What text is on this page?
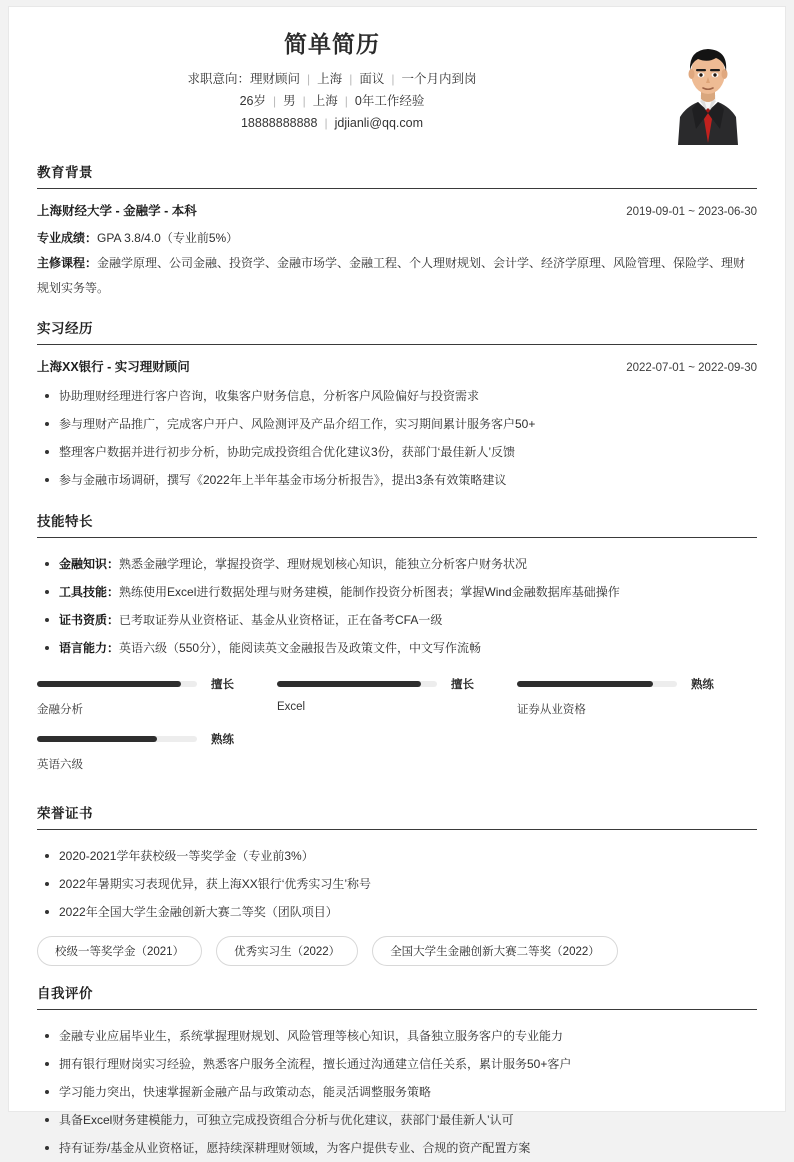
简单简历
求职意向：理财顾问 | 上海 | 面议 | 一个月内到岗
26岁 | 男 | 上海 | 0年工作经验
18888888888 | jdjianli@qq.com
教育背景
上海财经大学 - 金融学 - 本科	2019-09-01 ~ 2023-06-30
专业成绩：GPA 3.8/4.0（专业前5%）
主修课程：金融学原理、公司金融、投资学、金融市场学、金融工程、个人理财规划、会计学、经济学原理、风险管理、保险学、理财规划实务等。
实习经历
上海XX银行 - 实习理财顾问	2022-07-01 ~ 2022-09-30
协助理财经理进行客户咨询，收集客户财务信息，分析客户风险偏好与投资需求
参与理财产品推广，完成客户开户、风险测评及产品介绍工作，实习期间累计服务客户50+
整理客户数据并进行初步分析，协助完成投资组合优化建议3份，获部门‘最佳新人’反馈
参与金融市场调研，撰写《2022年上半年基金市场分析报告》，提出3条有效策略建议
技能特长
金融知识：熟悉金融学理论，掌握投资学、理财规划核心知识，能独立分析客户财务状况
工具技能：熟练使用Excel进行数据处理与财务建模，能制作投资分析图表；掌握Wind金融数据库基础操作
证书资质：已考取证券从业资格证、基金从业资格证，正在备考CFA一级
语言能力：英语六级（550分），能阅读英文金融报告及政策文件，中文写作流畅
擅长
金融分析
擅长
Excel
熟练
证券从业资格
熟练
英语六级
荣誉证书
2020-2021学年获校级一等奖学金（专业前3%）
2022年暑期实习表现优异，获上海XX银行‘优秀实习生’称号
2022年全国大学生金融创新大赛二等奖（团队项目）
校级一等奖学金（2021）	优秀实习生（2022）	全国大学生金融创新大赛二等奖（2022）
自我评价
金融专业应届毕业生，系统掌握理财规划、风险管理等核心知识，具备独立服务客户的专业能力
拥有银行理财岗实习经验，熟悉客户服务全流程，擅长通过沟通建立信任关系，累计服务50+客户
学习能力突出，快速掌握新金融产品与政策动态，能灵活调整服务策略
具备Excel财务建模能力，可独立完成投资组合分析与优化建议，获部门‘最佳新人’认可
持有证券/基金从业资格证，愿持续深耕理财领域，为客户提供专业、合规的资产配置方案
